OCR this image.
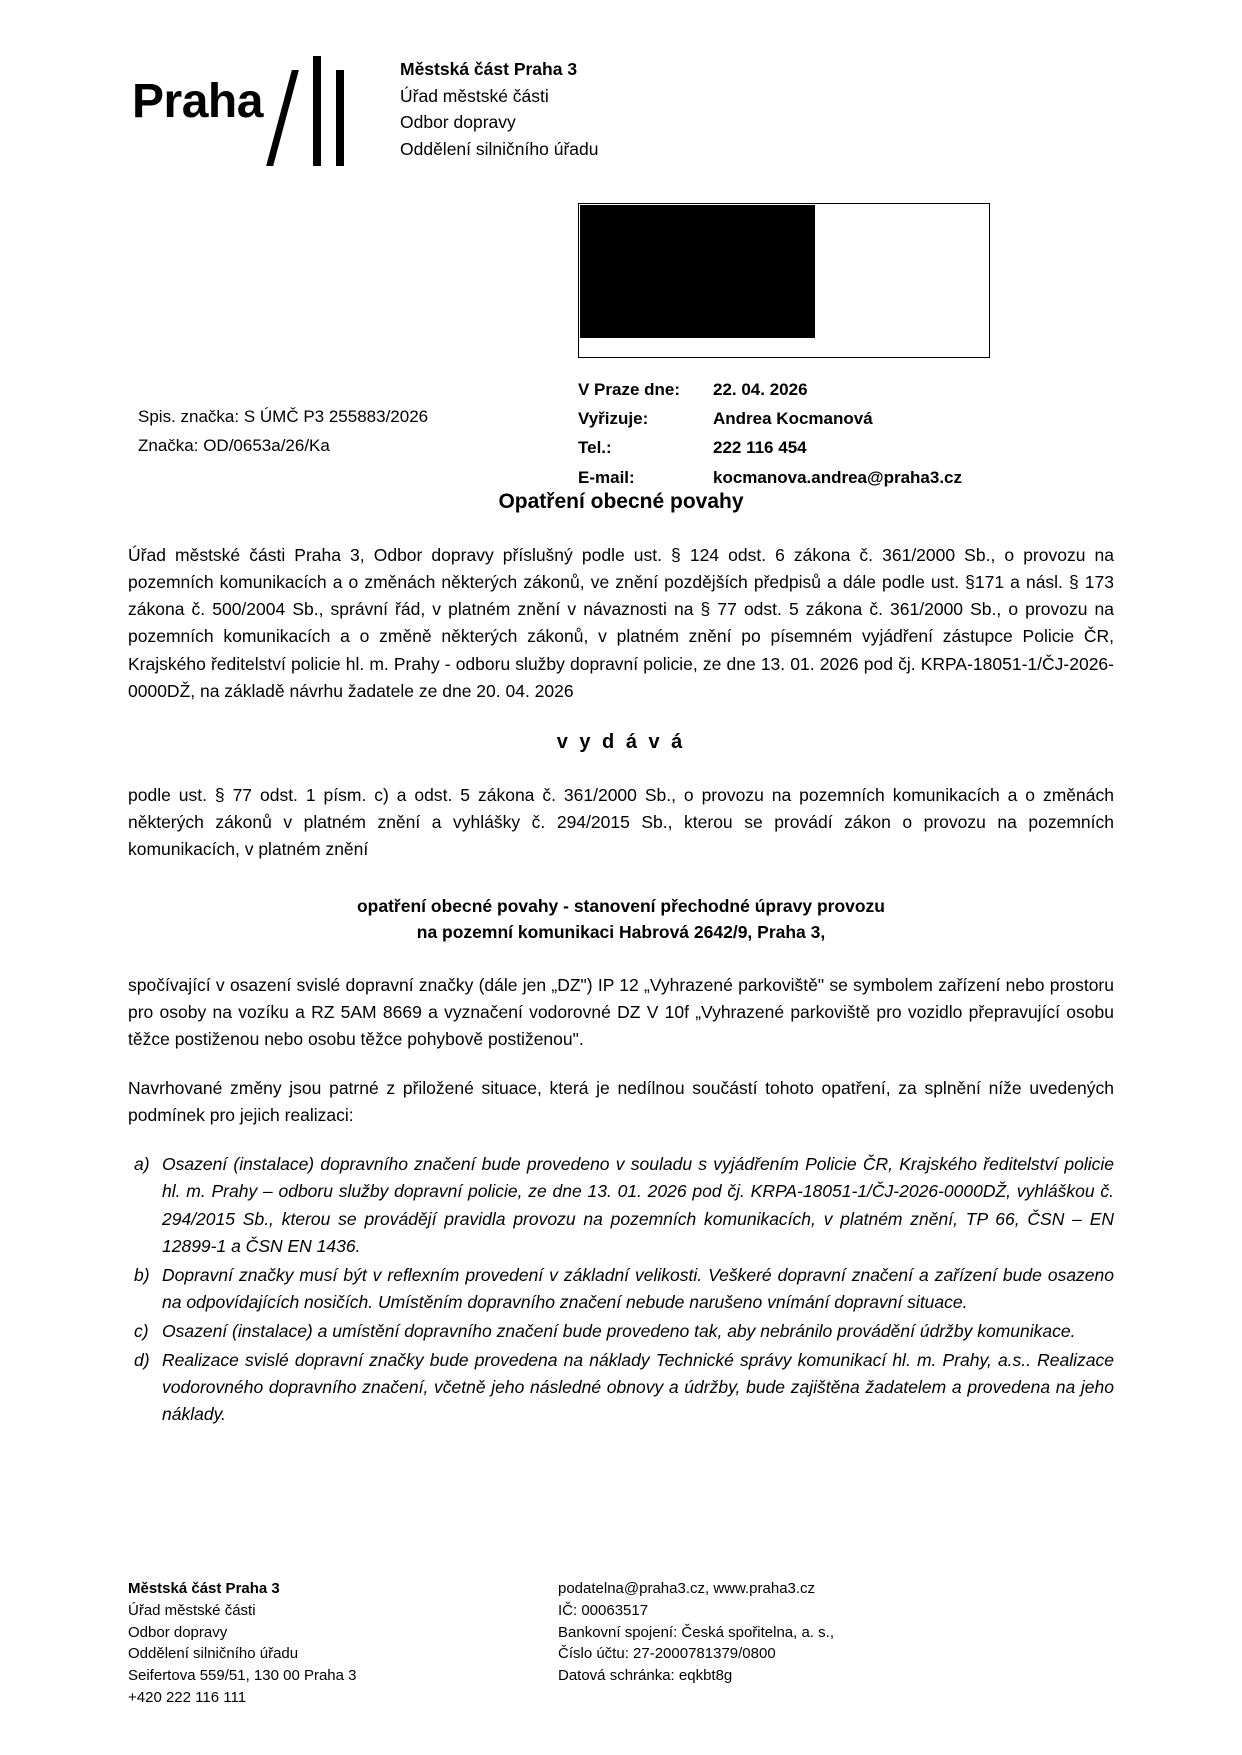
Praha
Městská část Praha 3
Úřad městské části
Odbor dopravy
Oddělení silničního úřadu
Spis. značka: S ÚMČ P3 255883/2026
Značka: OD/0653a/26/Ka
V Praze dne:	22. 04. 2026
Vyřizuje:	Andrea Kocmanová
Tel.:	222 116 454
E-mail:	kocmanova.andrea@praha3.cz
Opatření obecné povahy

Úřad městské části Praha 3, Odbor dopravy příslušný podle ust. § 124 odst. 6 zákona č. 361/2000 Sb., o provozu na pozemních komunikacích a o změnách některých zákonů, ve znění pozdějších předpisů a dále podle ust. §171 a násl. § 173 zákona č. 500/2004 Sb., správní řád, v platném znění v návaznosti na § 77 odst. 5 zákona č. 361/2000 Sb., o provozu na pozemních komunikacích a o změně některých zákonů, v platném znění po písemném vyjádření zástupce Policie ČR, Krajského ředitelství policie hl. m. Prahy - odboru služby dopravní policie, ze dne 13. 01. 2026 pod čj. KRPA-18051-1/ČJ-2026-0000DŽ, na základě návrhu žadatele ze dne 20. 04. 2026

v y d á v á

podle ust. § 77 odst. 1 písm. c) a odst. 5 zákona č. 361/2000 Sb., o provozu na pozemních komunikacích a o změnách některých zákonů v platném znění a vyhlášky č. 294/2015 Sb., kterou se provádí zákon o provozu na pozemních komunikacích, v platném znění

opatření obecné povahy - stanovení přechodné úpravy provozu
na pozemní komunikaci Habrová 2642/9, Praha 3,

spočívající v osazení svislé dopravní značky (dále jen „DZ") IP 12 „Vyhrazené parkoviště" se symbolem zařízení nebo prostoru pro osoby na vozíku a RZ 5AM 8669 a vyznačení vodorovné DZ V 10f „Vyhrazené parkoviště pro vozidlo přepravující osobu těžce postiženou nebo osobu těžce pohybově postiženou".

Navrhované změny jsou patrné z přiložené situace, která je nedílnou součástí tohoto opatření, za splnění níže uvedených podmínek pro jejich realizaci:

a) Osazení (instalace) dopravního značení bude provedeno v souladu s vyjádřením Policie ČR, Krajského ředitelství policie hl. m. Prahy – odboru služby dopravní policie, ze dne 13. 01. 2026 pod čj. KRPA-18051-1/ČJ-2026-0000DŽ, vyhláškou č. 294/2015 Sb., kterou se provádějí pravidla provozu na pozemních komunikacích, v platném znění, TP 66, ČSN – EN 12899-1 a ČSN EN 1436.
b) Dopravní značky musí být v reflexním provedení v základní velikosti. Veškeré dopravní značení a zařízení bude osazeno na odpovídajících nosičích. Umístěním dopravního značení nebude narušeno vnímání dopravní situace.
c) Osazení (instalace) a umístění dopravního značení bude provedeno tak, aby nebránilo provádění údržby komunikace.
d) Realizace svislé dopravní značky bude provedena na náklady Technické správy komunikací hl. m. Prahy, a.s.. Realizace vodorovného dopravního značení, včetně jeho následné obnovy a údržby, bude zajištěna žadatelem a provedena na jeho náklady.
Městská část Praha 3
Úřad městské části
Odbor dopravy
Oddělení silničního úřadu
Seifertova 559/51, 130 00 Praha 3
+420 222 116 111
podatelna@praha3.cz, www.praha3.cz
IČ: 00063517
Bankovní spojení: Česká spořitelna, a. s.,
Číslo účtu: 27-2000781379/0800
Datová schránka: eqkbt8g
